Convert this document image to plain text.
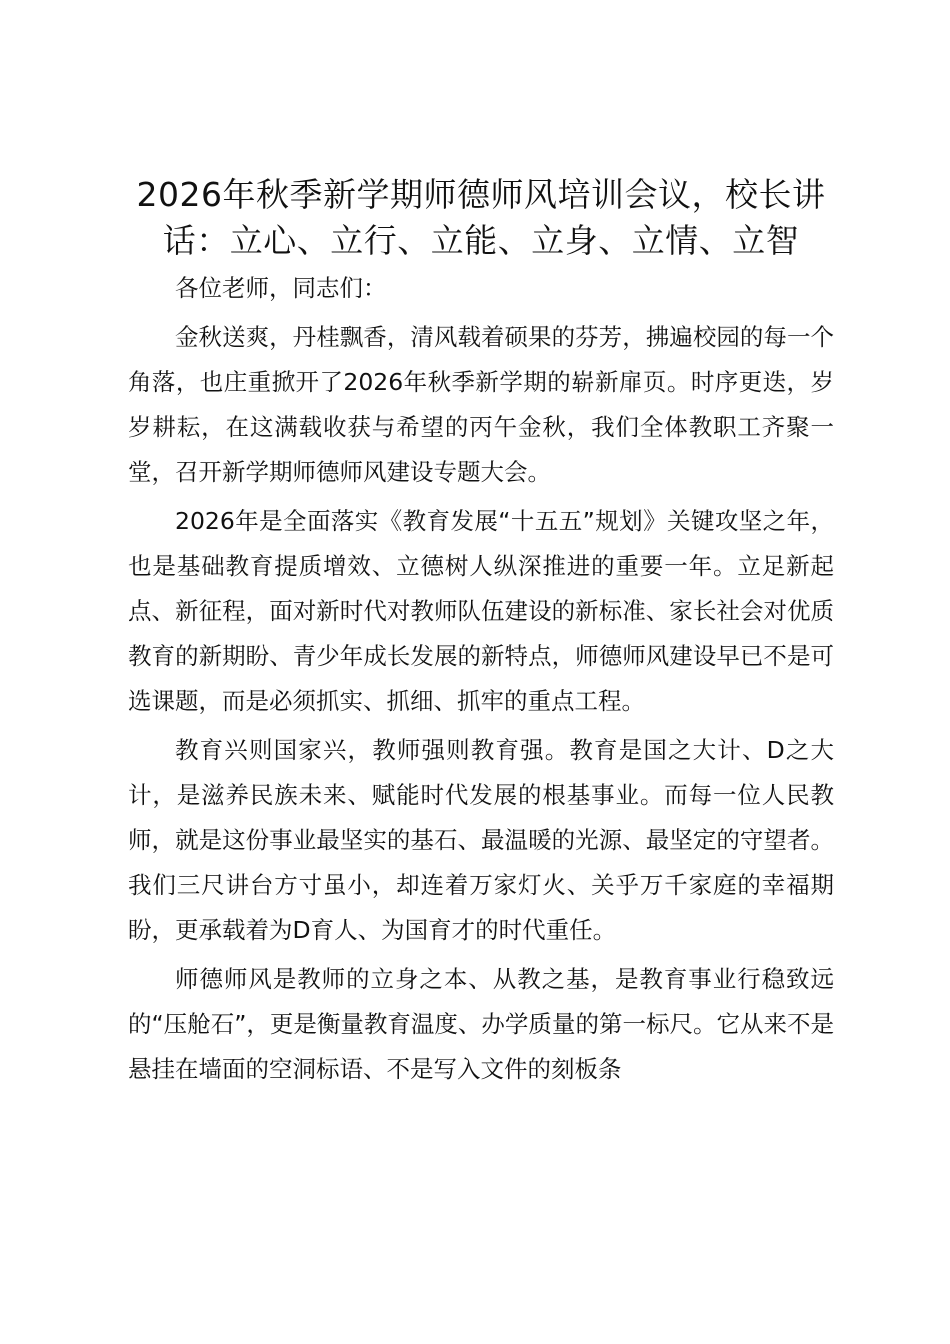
2026年秋季新学期师德师风培训会议，校长讲话：立心、立行、立能、立身、立情、立智

各位老师，同志们：

金秋送爽，丹桂飘香，清风载着硕果的芬芳，拂遍校园的每一个角落，也庄重掀开了2026年秋季新学期的崭新扉页。时序更迭，岁岁耕耘，在这满载收获与希望的丙午金秋，我们全体教职工齐聚一堂，召开新学期师德师风建设专题大会。

2026年是全面落实《教育发展“十五五”规划》关键攻坚之年，也是基础教育提质增效、立德树人纵深推进的重要一年。立足新起点、新征程，面对新时代对教师队伍建设的新标准、家长社会对优质教育的新期盼、青少年成长发展的新特点，师德师风建设早已不是可选课题，而是必须抓实、抓细、抓牢的重点工程。

教育兴则国家兴，教师强则教育强。教育是国之大计、D之大计，是滋养民族未来、赋能时代发展的根基事业。而每一位人民教师，就是这份事业最坚实的基石、最温暖的光源、最坚定的守望者。我们三尺讲台方寸虽小，却连着万家灯火、关乎万千家庭的幸福期盼，更承载着为D育人、为国育才的时代重任。

师德师风是教师的立身之本、从教之基，是教育事业行稳致远的“压舱石”，更是衡量教育温度、办学质量的第一标尺。它从来不是悬挂在墙面的空洞标语、不是写入文件的刻板条
